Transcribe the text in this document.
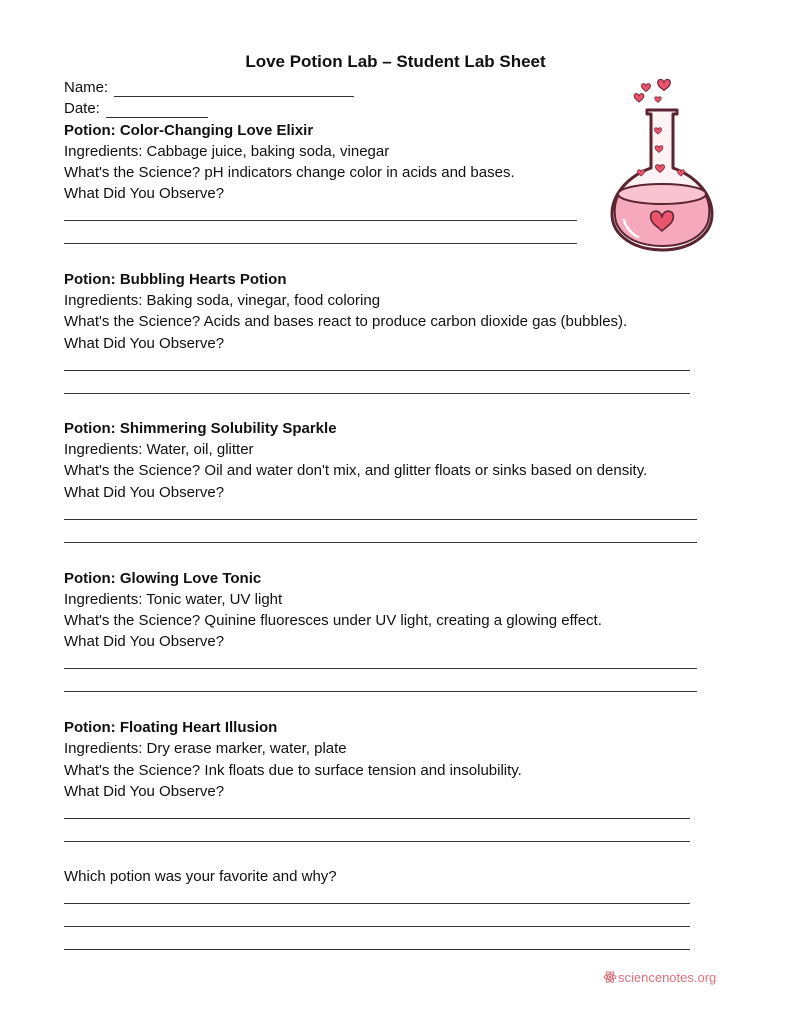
Love Potion Lab – Student Lab Sheet
Name:
Date:
Potion: Color-Changing Love Elixir
Ingredients: Cabbage juice, baking soda, vinegar
What's the Science? pH indicators change color in acids and bases.
What Did You Observe?
Potion: Bubbling Hearts Potion
Ingredients: Baking soda, vinegar, food coloring
What's the Science? Acids and bases react to produce carbon dioxide gas (bubbles).
What Did You Observe?
Potion: Shimmering Solubility Sparkle
Ingredients: Water, oil, glitter
What's the Science? Oil and water don't mix, and glitter floats or sinks based on density.
What Did You Observe?
Potion: Glowing Love Tonic
Ingredients: Tonic water, UV light
What's the Science? Quinine fluoresces under UV light, creating a glowing effect.
What Did You Observe?
Potion: Floating Heart Illusion
Ingredients: Dry erase marker, water, plate
What's the Science? Ink floats due to surface tension and insolubility.
What Did You Observe?
Which potion was your favorite and why?
sciencenotes.org
